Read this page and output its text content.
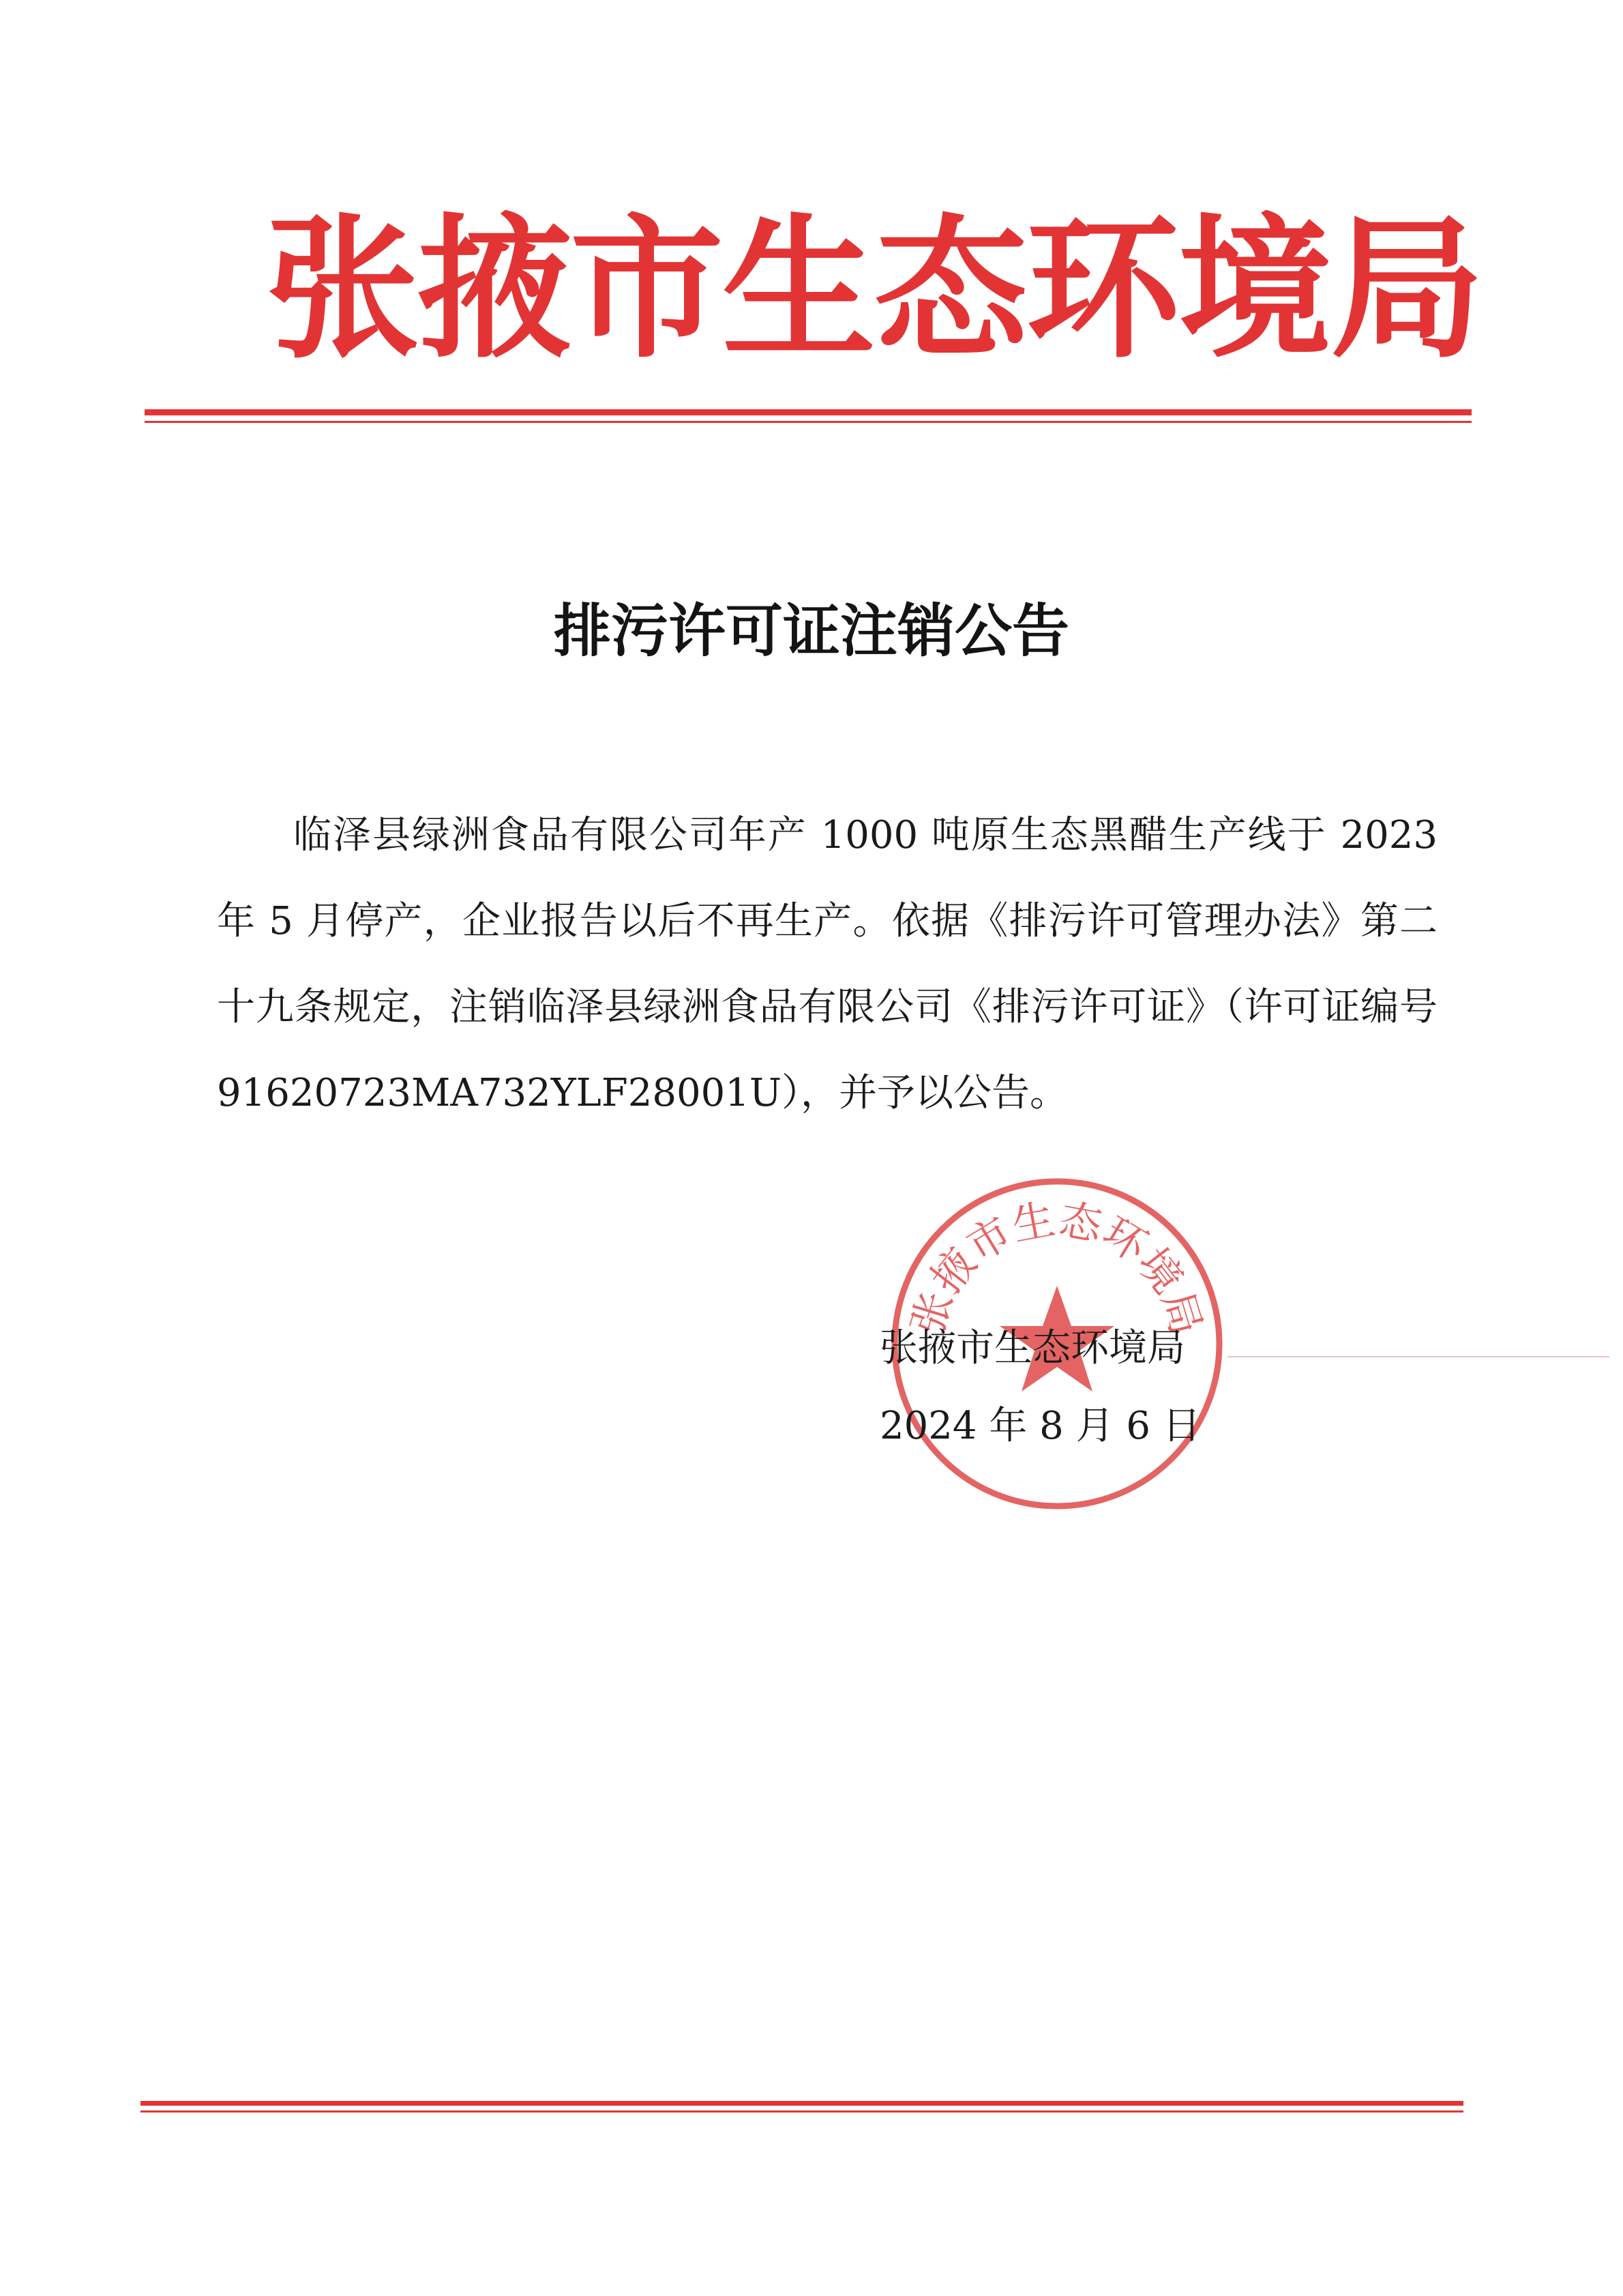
张掖市生态环境局
排污许可证注销公告

临泽县绿洲食品有限公司年产 1000 吨原生态黑醋生产线于 2023 年 5 月停产，企业报告以后不再生产。依据《排污许可管理办法》第二十九条规定，注销临泽县绿洲食品有限公司《排污许可证》（许可证编号 91620723MA732YLF28001U），并予以公告。

张掖市生态环境局
张掖市生态环境局
2024 年 8 月 6 日
